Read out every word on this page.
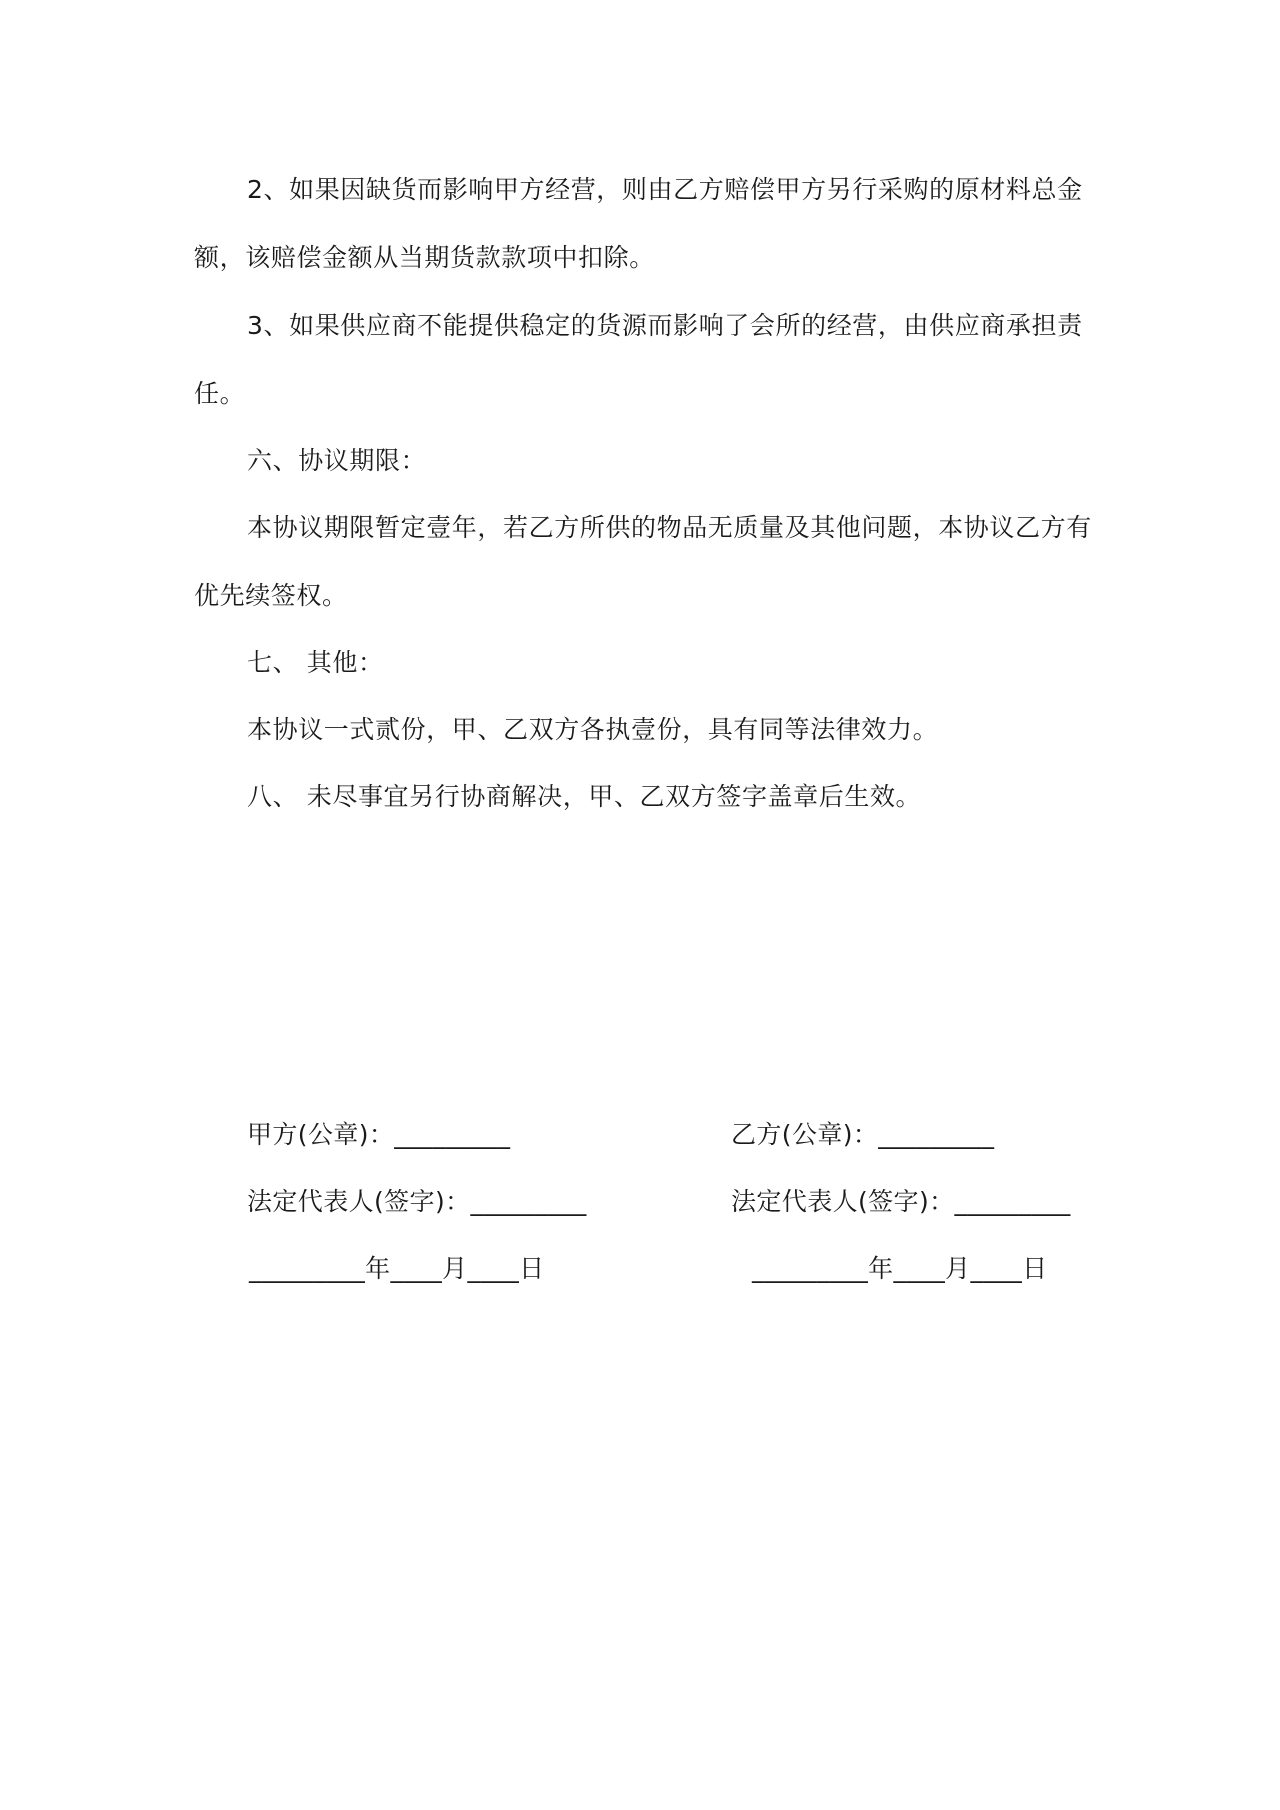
2、如果因缺货而影响甲方经营，则由乙方赔偿甲方另行采购的原材料总金
额，该赔偿金额从当期货款款项中扣除。
3、如果供应商不能提供稳定的货源而影响了会所的经营，由供应商承担责
任。
六、协议期限：
本协议期限暂定壹年，若乙方所供的物品无质量及其他问题，本协议乙方有
优先续签权。
七、 其他：
本协议一式贰份，甲、乙双方各执壹份，具有同等法律效力。
八、 未尽事宜另行协商解决，甲、乙双方签字盖章后生效。
甲方(公章)：_________	乙方(公章)：_________
法定代表人(签字)：_________	法定代表人(签字)：_________
_________年____月____日	_________年____月____日
